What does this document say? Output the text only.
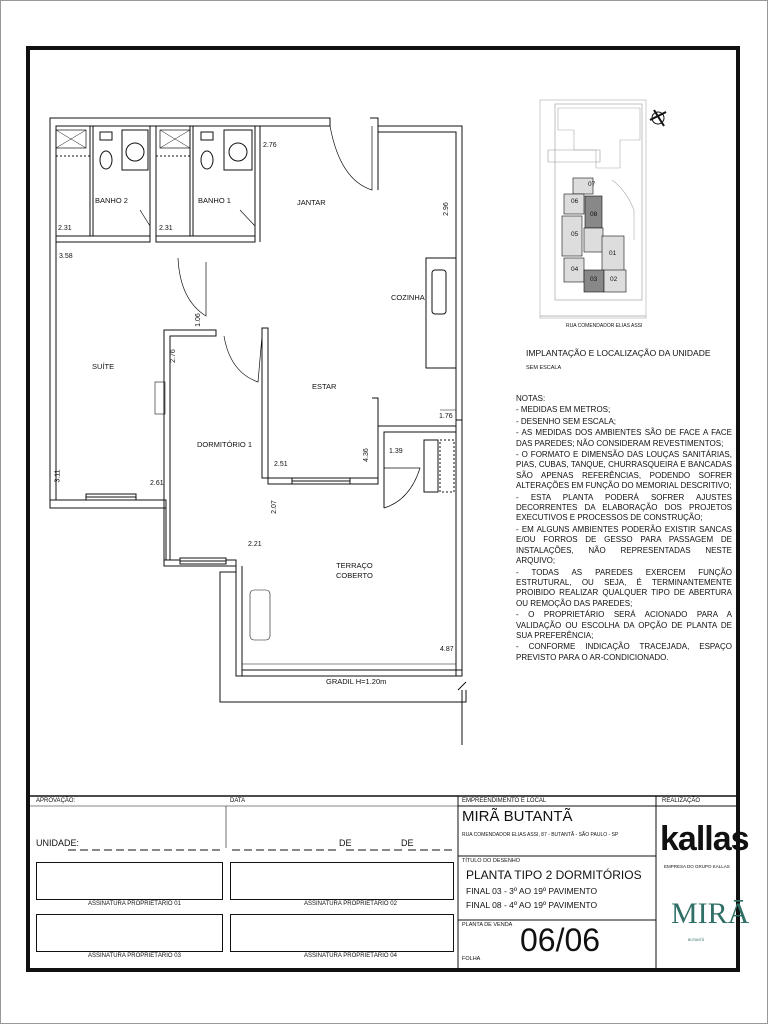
BANHO 2	BANHO 1	JANTAR
COZINHA
SUÍTE
ESTAR
DORMITÓRIO 1
TERRAÇO
COBERTO
GRADIL H=1.20m
2.76
2.96
2.31	2.31
3.58
1.06
2.76
3.11
2.61
1.76
4.36	1.39
2.51
2.07
2.21
4.87
07
06
08
05
01
04
03 02
RUA COMENDADOR ELIAS ASSI
IMPLANTAÇÃO E LOCALIZAÇÃO DA UNIDADE
SEM ESCALA
NOTAS:
- MEDIDAS EM METROS;
- DESENHO SEM ESCALA;
- AS MEDIDAS DOS AMBIENTES SÃO DE FACE A FACE DAS PAREDES; NÃO CONSIDERAM REVESTIMENTOS;
- O FORMATO E DIMENSÃO DAS LOUÇAS SANITÁRIAS, PIAS, CUBAS, TANQUE, CHURRASQUEIRA E BANCADAS SÃO APENAS REFERÊNCIAS, PODENDO SOFRER ALTERAÇÕES EM FUNÇÃO DO MEMORIAL DESCRITIVO;
- ESTA PLANTA PODERÁ SOFRER AJUSTES DECORRENTES DA ELABORAÇÃO DOS PROJETOS EXECUTIVOS E PROCESSOS DE CONSTRUÇÃO;
- EM ALGUNS AMBIENTES PODERÃO EXISTIR SANCAS E/OU FORROS DE GESSO PARA PASSAGEM DE INSTALAÇÕES, NÃO REPRESENTADAS NESTE ARQUIVO;
- TODAS AS PAREDES EXERCEM FUNÇÃO ESTRUTURAL, OU SEJA, É TERMINANTEMENTE PROIBIDO REALIZAR QUALQUER TIPO DE ABERTURA OU REMOÇÃO DAS PAREDES;
- O PROPRIETÁRIO SERÁ ACIONADO PARA A VALIDAÇÃO OU ESCOLHA DA OPÇÃO DE PLANTA DE SUA PREFERÊNCIA;
- CONFORME INDICAÇÃO TRACEJADA, ESPAÇO PREVISTO PARA O AR-CONDICIONADO.
APROVAÇÃO:	DATA
UNIDADE:	DE	DE
ASSINATURA PROPRIETÁRIO 01	ASSINATURA PROPRIETÁRIO 02
ASSINATURA PROPRIETÁRIO 03	ASSINATURA PROPRIETÁRIO 04
EMPREENDIMENTO E LOCAL
MIRÃ BUTANTÃ
RUA COMENDADOR ELIAS ASSI, 87 - BUTANTÃ - SÃO PAULO - SP
TÍTULO DO DESENHO
PLANTA TIPO 2 DORMITÓRIOS
FINAL 03 - 3º AO 19º PAVIMENTO
FINAL 08 - 4º AO 19º PAVIMENTO
PLANTA DE VENDA
FOLHA
06/06
REALIZAÇÃO
kallas
EMPRESA DO GRUPO KALLAS
MIRĀ
BUTANTÃ
